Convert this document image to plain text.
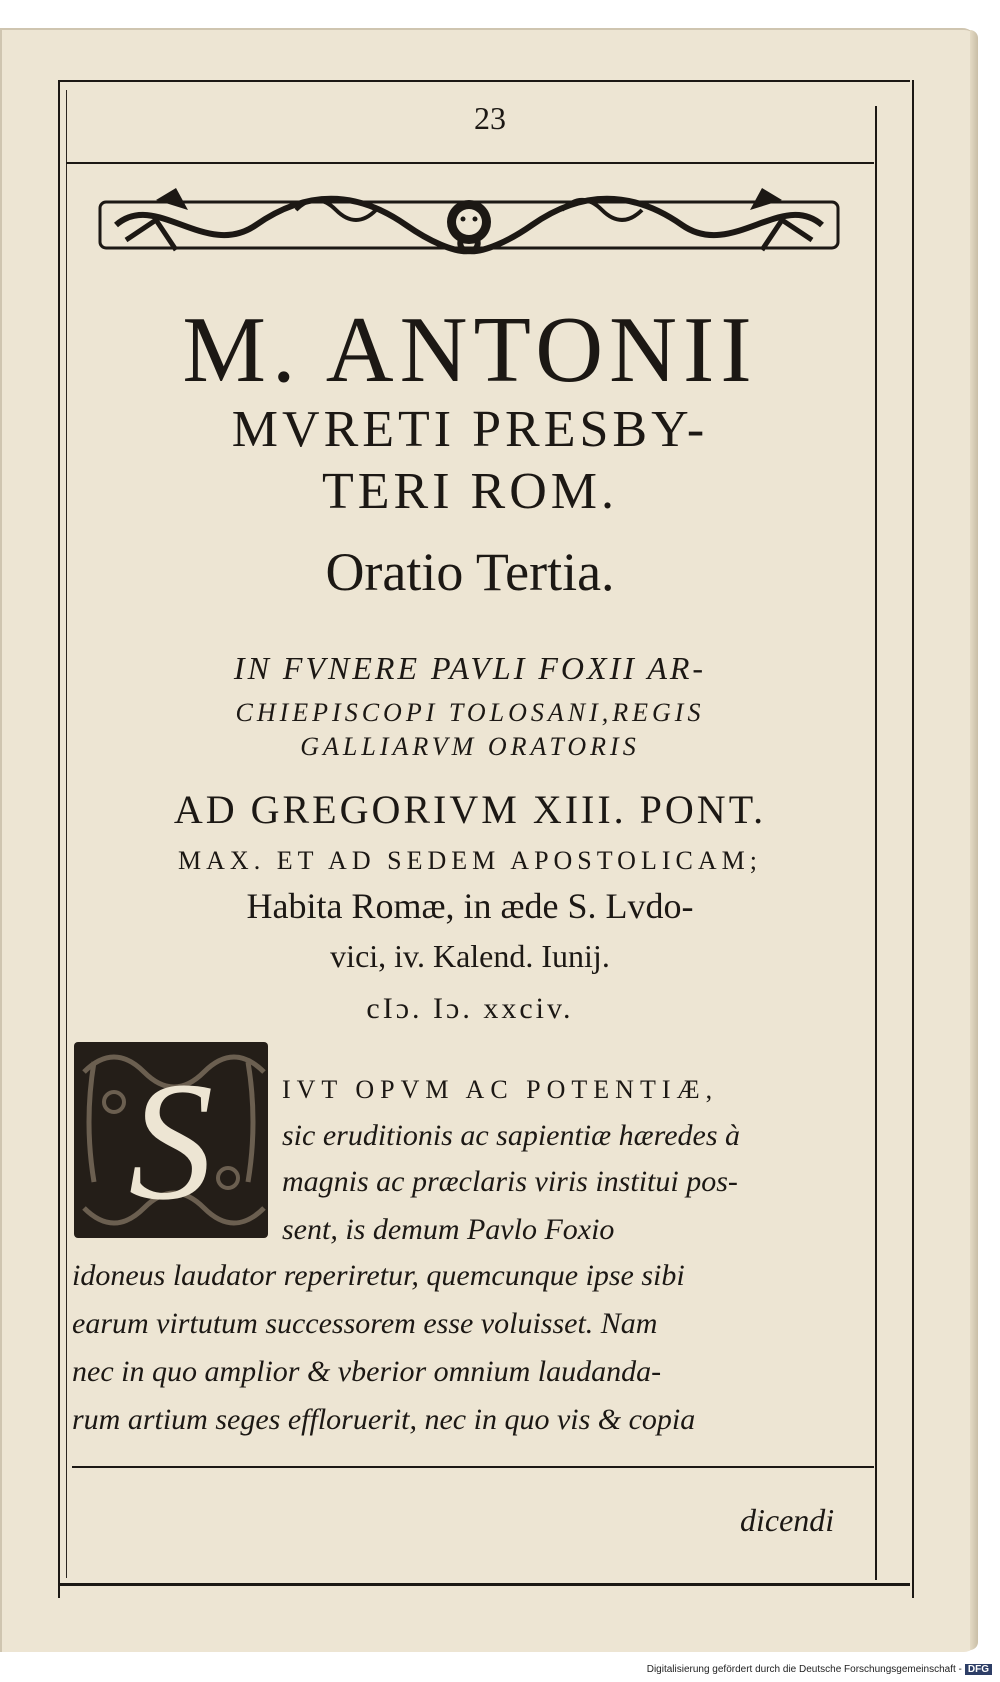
23
M. ANTONII
MVRETI PRESBY-
TERI ROM.
Oratio Tertia.
IN FVNERE PAVLI FOXII AR-
CHIEPISCOPI TOLOSANI,REGIS
GALLIARVM ORATORIS
AD GREGORIVM XIII. PONT.
MAX. ET AD SEDEM APOSTOLICAM;
Habita Romæ, in æde S. Lvdo-
vici, iv. Kalend. Iunij.
cIɔ. Iɔ. xxciv.
S	IVT OPVM AC POTENTIÆ,
sic eruditionis ac sapientiæ hæredes à
magnis ac præclaris viris institui pos-
sent, is demum Pavlo Foxio
idoneus laudator reperiretur, quemcunque ipse sibi
earum virtutum successorem esse voluisset. Nam
nec in quo amplior & vberior omnium laudanda-
rum artium seges effloruerit, nec in quo vis & copia
dicendi
Digitalisierung gefördert durch die Deutsche Forschungsgemeinschaft - DFG
